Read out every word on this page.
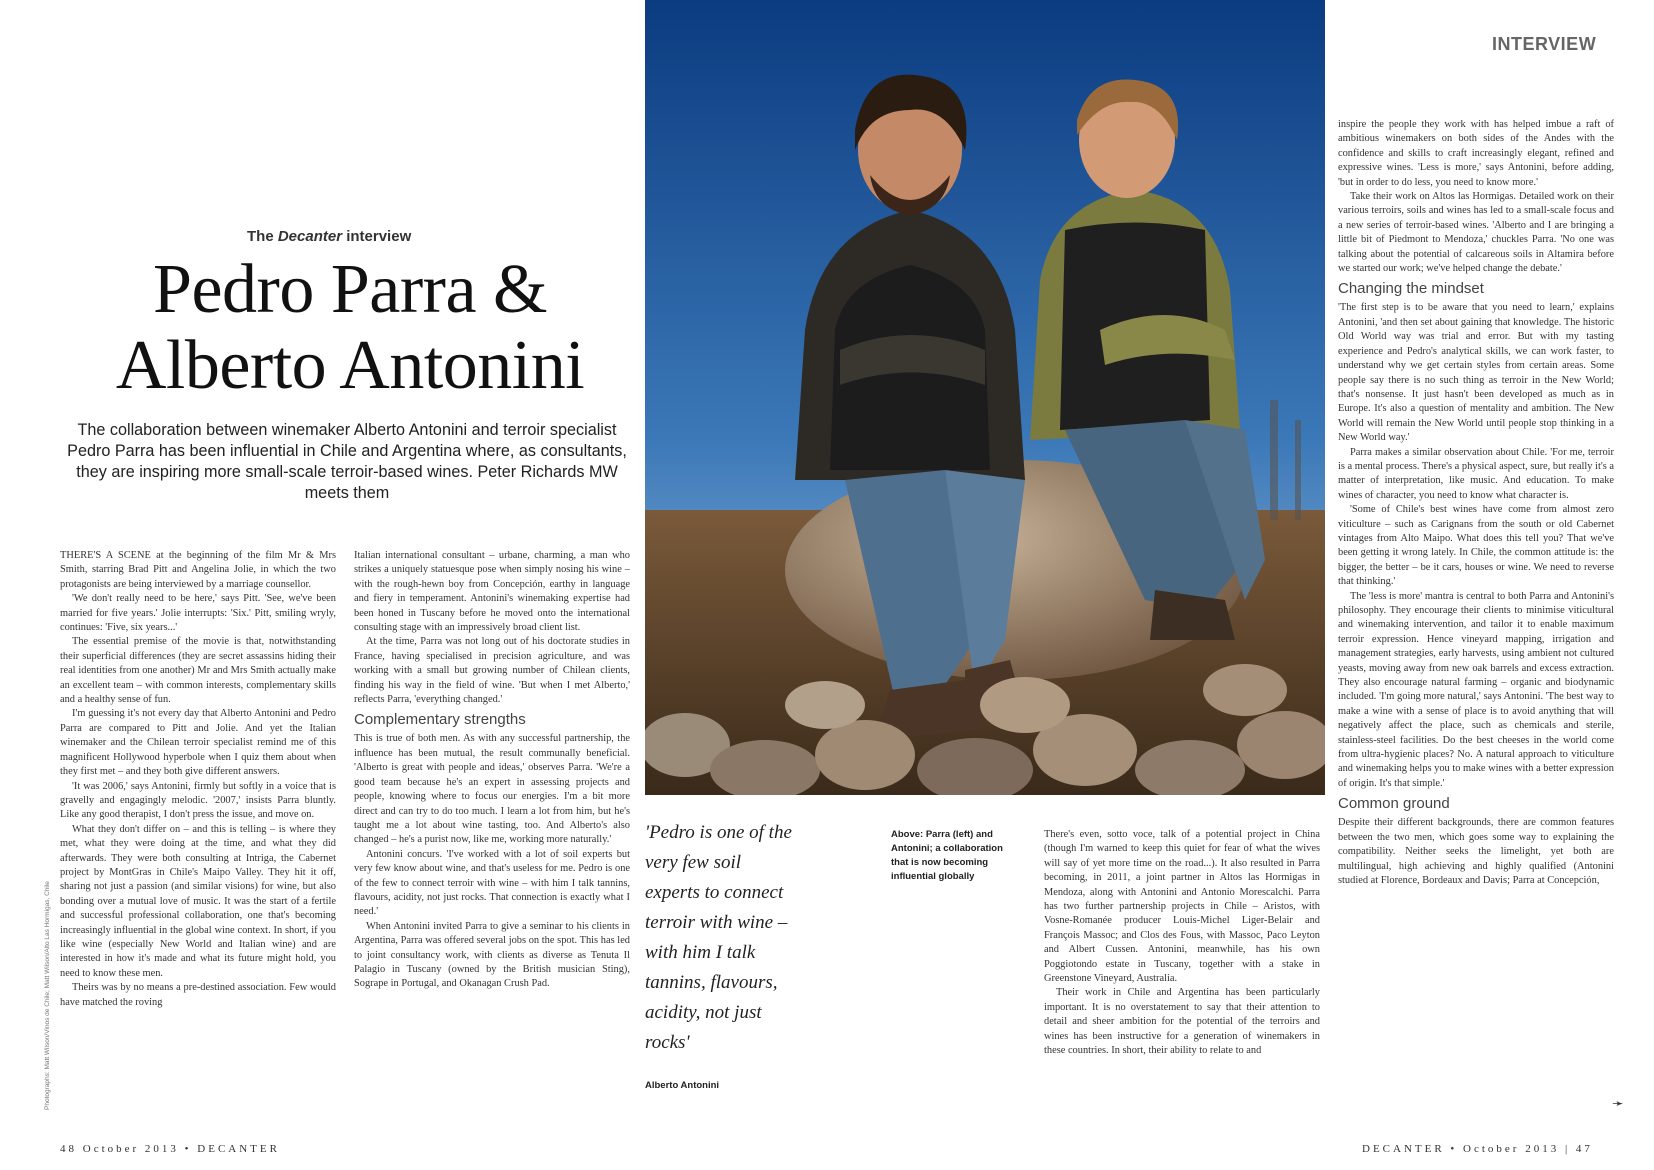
INTERVIEW
The Decanter interview
Pedro Parra &
Alberto Antonini
The collaboration between winemaker Alberto Antonini and terroir specialist Pedro Parra has been influential in Chile and Argentina where, as consultants, they are inspiring more small-scale terroir-based wines. Peter Richards MW meets them
Photographs: Matt Wilson/Vinos de Chile; Matt Wilson/Alto Las Hormigas, Chile

THERE'S A SCENE at the beginning of the film Mr & Mrs Smith, starring Brad Pitt and Angelina Jolie, in which the two protagonists are being interviewed by a marriage counsellor.

'We don't really need to be here,' says Pitt. 'See, we've been married for five years.' Jolie interrupts: 'Six.' Pitt, smiling wryly, continues: 'Five, six years...'

The essential premise of the movie is that, notwithstanding their superficial differences (they are secret assassins hiding their real identities from one another) Mr and Mrs Smith actually make an excellent team – with common interests, complementary skills and a healthy sense of fun.

I'm guessing it's not every day that Alberto Antonini and Pedro Parra are compared to Pitt and Jolie. And yet the Italian winemaker and the Chilean terroir specialist remind me of this magnificent Hollywood hyperbole when I quiz them about when they first met – and they both give different answers.

'It was 2006,' says Antonini, firmly but softly in a voice that is gravelly and engagingly melodic. '2007,' insists Parra bluntly. Like any good therapist, I don't press the issue, and move on.

What they don't differ on – and this is telling – is where they met, what they were doing at the time, and what they did afterwards. They were both consulting at Intriga, the Cabernet project by MontGras in Chile's Maipo Valley. They hit it off, sharing not just a passion (and similar visions) for wine, but also bonding over a mutual love of music. It was the start of a fertile and successful professional collaboration, one that's becoming increasingly influential in the global wine context. In short, if you like wine (especially New World and Italian wine) and are interested in how it's made and what its future might hold, you need to know these men.

Theirs was by no means a pre-destined association. Few would have matched the roving

Italian international consultant – urbane, charming, a man who strikes a uniquely statuesque pose when simply nosing his wine – with the rough-hewn boy from Concepción, earthy in language and fiery in temperament. Antonini's winemaking expertise had been honed in Tuscany before he moved onto the international consulting stage with an impressively broad client list.

At the time, Parra was not long out of his doctorate studies in France, having specialised in precision agriculture, and was working with a small but growing number of Chilean clients, finding his way in the field of wine. 'But when I met Alberto,' reflects Parra, 'everything changed.'

Complementary strengths

This is true of both men. As with any successful partnership, the influence has been mutual, the result communally beneficial. 'Alberto is great with people and ideas,' observes Parra. 'We're a good team because he's an expert in assessing projects and people, knowing where to focus our energies. I'm a bit more direct and can try to do too much. I learn a lot from him, but he's taught me a lot about wine tasting, too. And Alberto's also changed – he's a purist now, like me, working more naturally.'

Antonini concurs. 'I've worked with a lot of soil experts but very few know about wine, and that's useless for me. Pedro is one of the few to connect terroir with wine – with him I talk tannins, flavours, acidity, not just rocks. That connection is exactly what I need.'

When Antonini invited Parra to give a seminar to his clients in Argentina, Parra was offered several jobs on the spot. This has led to joint consultancy work, with clients as diverse as Tenuta Il Palagio in Tuscany (owned by the British musician Sting), Sogrape in Portugal, and Okanagan Crush Pad.

'Pedro is one of the very few soil experts to connect terroir with wine – with him I talk tannins, flavours, acidity, not just rocks'
Alberto Antonini
Above: Parra (left) and Antonini; a collaboration that is now becoming influential globally

There's even, sotto voce, talk of a potential project in China (though I'm warned to keep this quiet for fear of what the wives will say of yet more time on the road...). It also resulted in Parra becoming, in 2011, a joint partner in Altos las Hormigas in Mendoza, along with Antonini and Antonio Morescalchi. Parra has two further partnership projects in Chile – Aristos, with Vosne-Romanée producer Louis-Michel Liger-Belair and François Massoc; and Clos des Fous, with Massoc, Paco Leyton and Albert Cussen. Antonini, meanwhile, has his own Poggiotondo estate in Tuscany, together with a stake in Greenstone Vineyard, Australia.

Their work in Chile and Argentina has been particularly important. It is no overstatement to say that their attention to detail and sheer ambition for the potential of the terroirs and wines has been instructive for a generation of winemakers in these countries. In short, their ability to relate to and

inspire the people they work with has helped imbue a raft of ambitious winemakers on both sides of the Andes with the confidence and skills to craft increasingly elegant, refined and expressive wines. 'Less is more,' says Antonini, before adding, 'but in order to do less, you need to know more.'

Take their work on Altos las Hormigas. Detailed work on their various terroirs, soils and wines has led to a small-scale focus and a new series of terroir-based wines. 'Alberto and I are bringing a little bit of Piedmont to Mendoza,' chuckles Parra. 'No one was talking about the potential of calcareous soils in Altamira before we started our work; we've helped change the debate.'

Changing the mindset

'The first step is to be aware that you need to learn,' explains Antonini, 'and then set about gaining that knowledge. The historic Old World way was trial and error. But with my tasting experience and Pedro's analytical skills, we can work faster, to understand why we get certain styles from certain areas. Some people say there is no such thing as terroir in the New World; that's nonsense. It just hasn't been developed as much as in Europe. It's also a question of mentality and ambition. The New World will remain the New World until people stop thinking in a New World way.'

Parra makes a similar observation about Chile. 'For me, terroir is a mental process. There's a physical aspect, sure, but really it's a matter of interpretation, like music. And education. To make wines of character, you need to know what character is.

'Some of Chile's best wines have come from almost zero viticulture – such as Carignans from the south or old Cabernet vintages from Alto Maipo. What does this tell you? That we've been getting it wrong lately. In Chile, the common attitude is: the bigger, the better – be it cars, houses or wine. We need to reverse that thinking.'

The 'less is more' mantra is central to both Parra and Antonini's philosophy. They encourage their clients to minimise viticultural and winemaking intervention, and tailor it to enable maximum terroir expression. Hence vineyard mapping, irrigation and management strategies, early harvests, using ambient not cultured yeasts, moving away from new oak barrels and excess extraction. They also encourage natural farming – organic and biodynamic included. 'I'm going more natural,' says Antonini. 'The best way to make a wine with a sense of place is to avoid anything that will negatively affect the place, such as chemicals and sterile, stainless-steel facilities. Do the best cheeses in the world come from ultra-hygienic places? No. A natural approach to viticulture and winemaking helps you to make wines with a better expression of origin. It's that simple.'

Common ground

Despite their different backgrounds, there are common features between the two men, which goes some way to explaining the compatibility. Neither seeks the limelight, yet both are multilingual, high achieving and highly qualified (Antonini studied at Florence, Bordeaux and Davis; Parra at Concepción,

➛
48 October 2013 • DECANTER	DECANTER • October 2013 | 47
